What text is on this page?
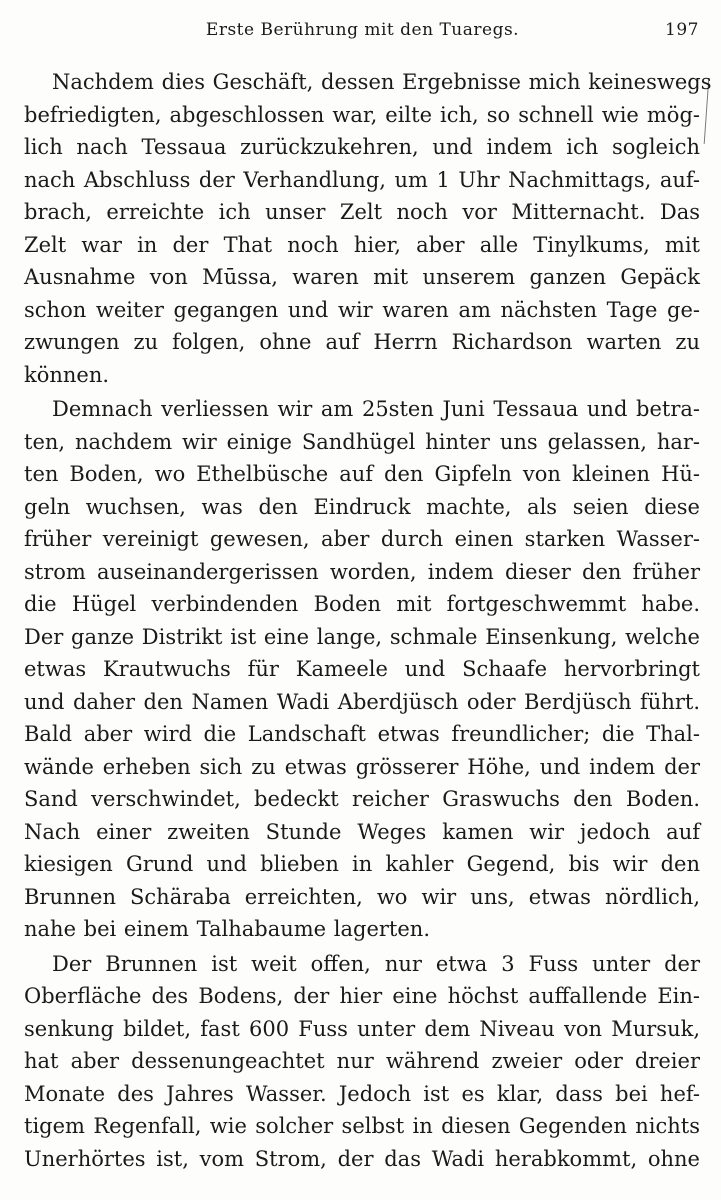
Erste Berührung mit den Tuaregs.	197

Nachdem dies Geschäft, dessen Ergebnisse mich keineswegs
befriedigten, abgeschlossen war, eilte ich, so schnell wie mög-
lich nach Tessaua zurückzukehren, und indem ich sogleich
nach Abschluss der Verhandlung, um 1 Uhr Nachmittags, auf-
brach, erreichte ich unser Zelt noch vor Mitternacht. Das
Zelt war in der That noch hier, aber alle Tinylkums, mit
Ausnahme von Mūssa, waren mit unserem ganzen Gepäck
schon weiter gegangen und wir waren am nächsten Tage ge-
zwungen zu folgen, ohne auf Herrn Richardson warten zu
können.

Demnach verliessen wir am 25sten Juni Tessaua und betra-
ten, nachdem wir einige Sandhügel hinter uns gelassen, har-
ten Boden, wo Ethelbüsche auf den Gipfeln von kleinen Hü-
geln wuchsen, was den Eindruck machte, als seien diese
früher vereinigt gewesen, aber durch einen starken Wasser-
strom auseinandergerissen worden, indem dieser den früher
die Hügel verbindenden Boden mit fortgeschwemmt habe.
Der ganze Distrikt ist eine lange, schmale Einsenkung, welche
etwas Krautwuchs für Kameele und Schaafe hervorbringt
und daher den Namen Wadi Aberdjüsch oder Berdjüsch führt.
Bald aber wird die Landschaft etwas freundlicher; die Thal-
wände erheben sich zu etwas grösserer Höhe, und indem der
Sand verschwindet, bedeckt reicher Graswuchs den Boden.
Nach einer zweiten Stunde Weges kamen wir jedoch auf
kiesigen Grund und blieben in kahler Gegend, bis wir den
Brunnen Schäraba erreichten, wo wir uns, etwas nördlich,
nahe bei einem Talhabaume lagerten.

Der Brunnen ist weit offen, nur etwa 3 Fuss unter der
Oberfläche des Bodens, der hier eine höchst auffallende Ein-
senkung bildet, fast 600 Fuss unter dem Niveau von Mursuk,
hat aber dessenungeachtet nur während zweier oder dreier
Monate des Jahres Wasser. Jedoch ist es klar, dass bei hef-
tigem Regenfall, wie solcher selbst in diesen Gegenden nichts
Unerhörtes ist, vom Strom, der das Wadi herabkommt, ohne
